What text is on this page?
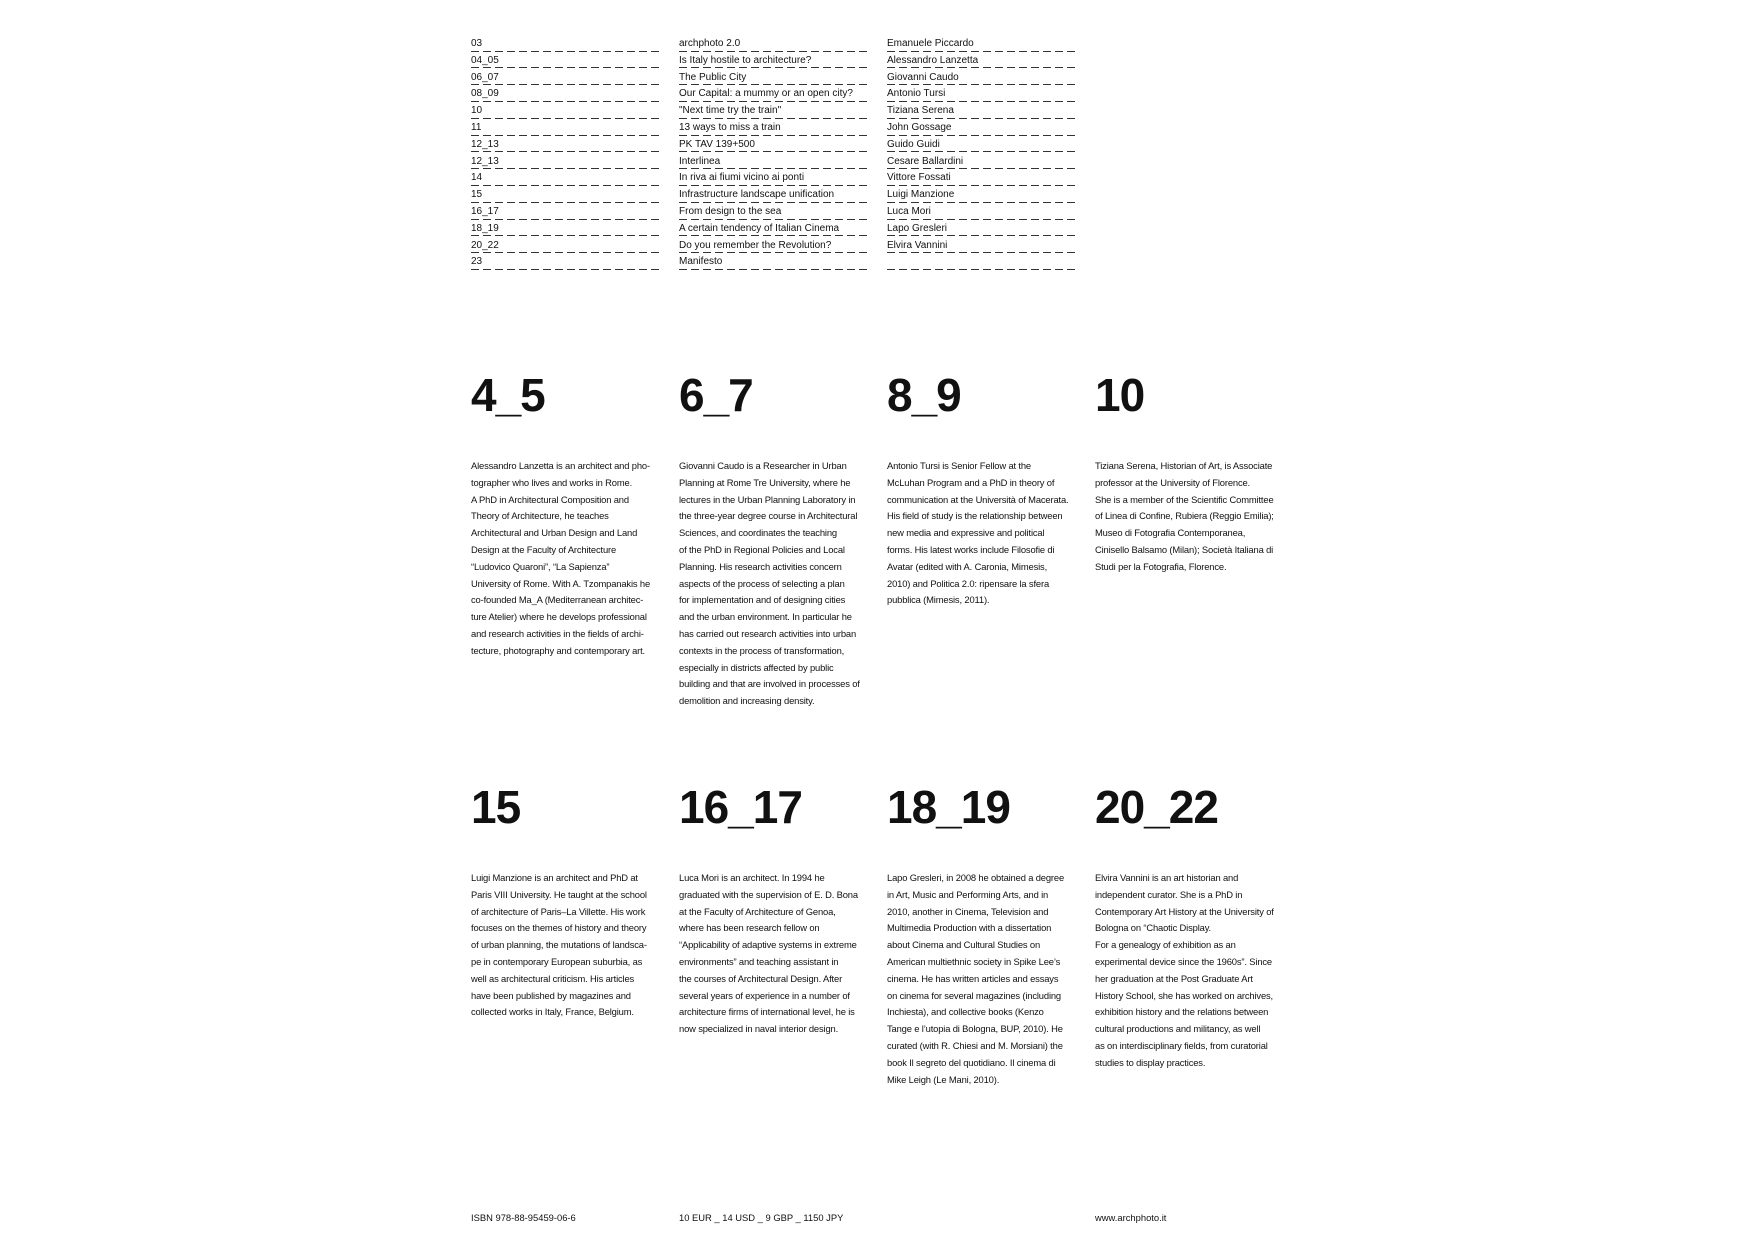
03
04_05
06_07
08_09
10
11
12_13
12_13
14
15
16_17
18_19
20_22
23
archphoto 2.0
Is Italy hostile to architecture?
The Public City
Our Capital: a mummy or an open city?
"Next time try the train"
13 ways to miss a train
PK TAV 139+500
Interlinea
In riva ai fiumi vicino ai ponti
Infrastructure landscape unification
From design to the sea
A certain tendency of Italian Cinema
Do you remember the Revolution?
Manifesto
Emanuele Piccardo
Alessandro Lanzetta
Giovanni Caudo
Antonio Tursi
Tiziana Serena
John Gossage
Guido Guidi
Cesare Ballardini
Vittore Fossati
Luigi Manzione
Luca Mori
Lapo Gresleri
Elvira Vannini
4_5

Alessandro Lanzetta is an architect and pho-
tographer who lives and works in Rome.
A PhD in Architectural Composition and
Theory of Architecture, he teaches
Architectural and Urban Design and Land
Design at the Faculty of Architecture
“Ludovico Quaroni”, “La Sapienza”
University of Rome. With A. Tzompanakis he
co-founded Ma_A (Mediterranean architec-
ture Atelier) where he develops professional
and research activities in the fields of archi-
tecture, photography and contemporary art.

6_7

Giovanni Caudo is a Researcher in Urban
Planning at Rome Tre University, where he
lectures in the Urban Planning Laboratory in
the three-year degree course in Architectural
Sciences, and coordinates the teaching
of the PhD in Regional Policies and Local
Planning. His research activities concern
aspects of the process of selecting a plan
for implementation and of designing cities
and the urban environment. In particular he
has carried out research activities into urban
contexts in the process of transformation,
especially in districts affected by public
building and that are involved in processes of
demolition and increasing density.

8_9

Antonio Tursi is Senior Fellow at the
McLuhan Program and a PhD in theory of
communication at the Università of Macerata.
His field of study is the relationship between
new media and expressive and political
forms. His latest works include Filosofie di
Avatar (edited with A. Caronia, Mimesis,
2010) and Politica 2.0: ripensare la sfera
pubblica (Mimesis, 2011).

10

Tiziana Serena, Historian of Art, is Associate
professor at the University of Florence.
She is a member of the Scientific Committee
of Linea di Confine, Rubiera (Reggio Emilia);
Museo di Fotografia Contemporanea,
Cinisello Balsamo (Milan); Società Italiana di
Studi per la Fotografia, Florence.

15

Luigi Manzione is an architect and PhD at
Paris VIII University. He taught at the school
of architecture of Paris–La Villette. His work
focuses on the themes of history and theory
of urban planning, the mutations of landsca-
pe in contemporary European suburbia, as
well as architectural criticism. His articles
have been published by magazines and
collected works in Italy, France, Belgium.

16_17

Luca Mori is an architect. In 1994 he
graduated with the supervision of E. D. Bona
at the Faculty of Architecture of Genoa,
where has been research fellow on
“Applicability of adaptive systems in extreme
environments” and teaching assistant in
the courses of Architectural Design. After
several years of experience in a number of
architecture firms of international level, he is
now specialized in naval interior design.

18_19

Lapo Gresleri, in 2008 he obtained a degree
in Art, Music and Performing Arts, and in
2010, another in Cinema, Television and
Multimedia Production with a dissertation
about Cinema and Cultural Studies on
American multiethnic society in Spike Lee’s
cinema. He has written articles and essays
on cinema for several magazines (including
Inchiesta), and collective books (Kenzo
Tange e l’utopia di Bologna, BUP, 2010). He
curated (with R. Chiesi and M. Morsiani) the
book Il segreto del quotidiano. Il cinema di
Mike Leigh (Le Mani, 2010).

20_22

Elvira Vannini is an art historian and
independent curator. She is a PhD in
Contemporary Art History at the University of
Bologna on “Chaotic Display.
For a genealogy of exhibition as an
experimental device since the 1960s”. Since
her graduation at the Post Graduate Art
History School, she has worked on archives,
exhibition history and the relations between
cultural productions and militancy, as well
as on interdisciplinary fields, from curatorial
studies to display practices.

ISBN 978-88-95459-06-6	10 EUR _ 14 USD _ 9 GBP _ 1150 JPY	www.archphoto.it
